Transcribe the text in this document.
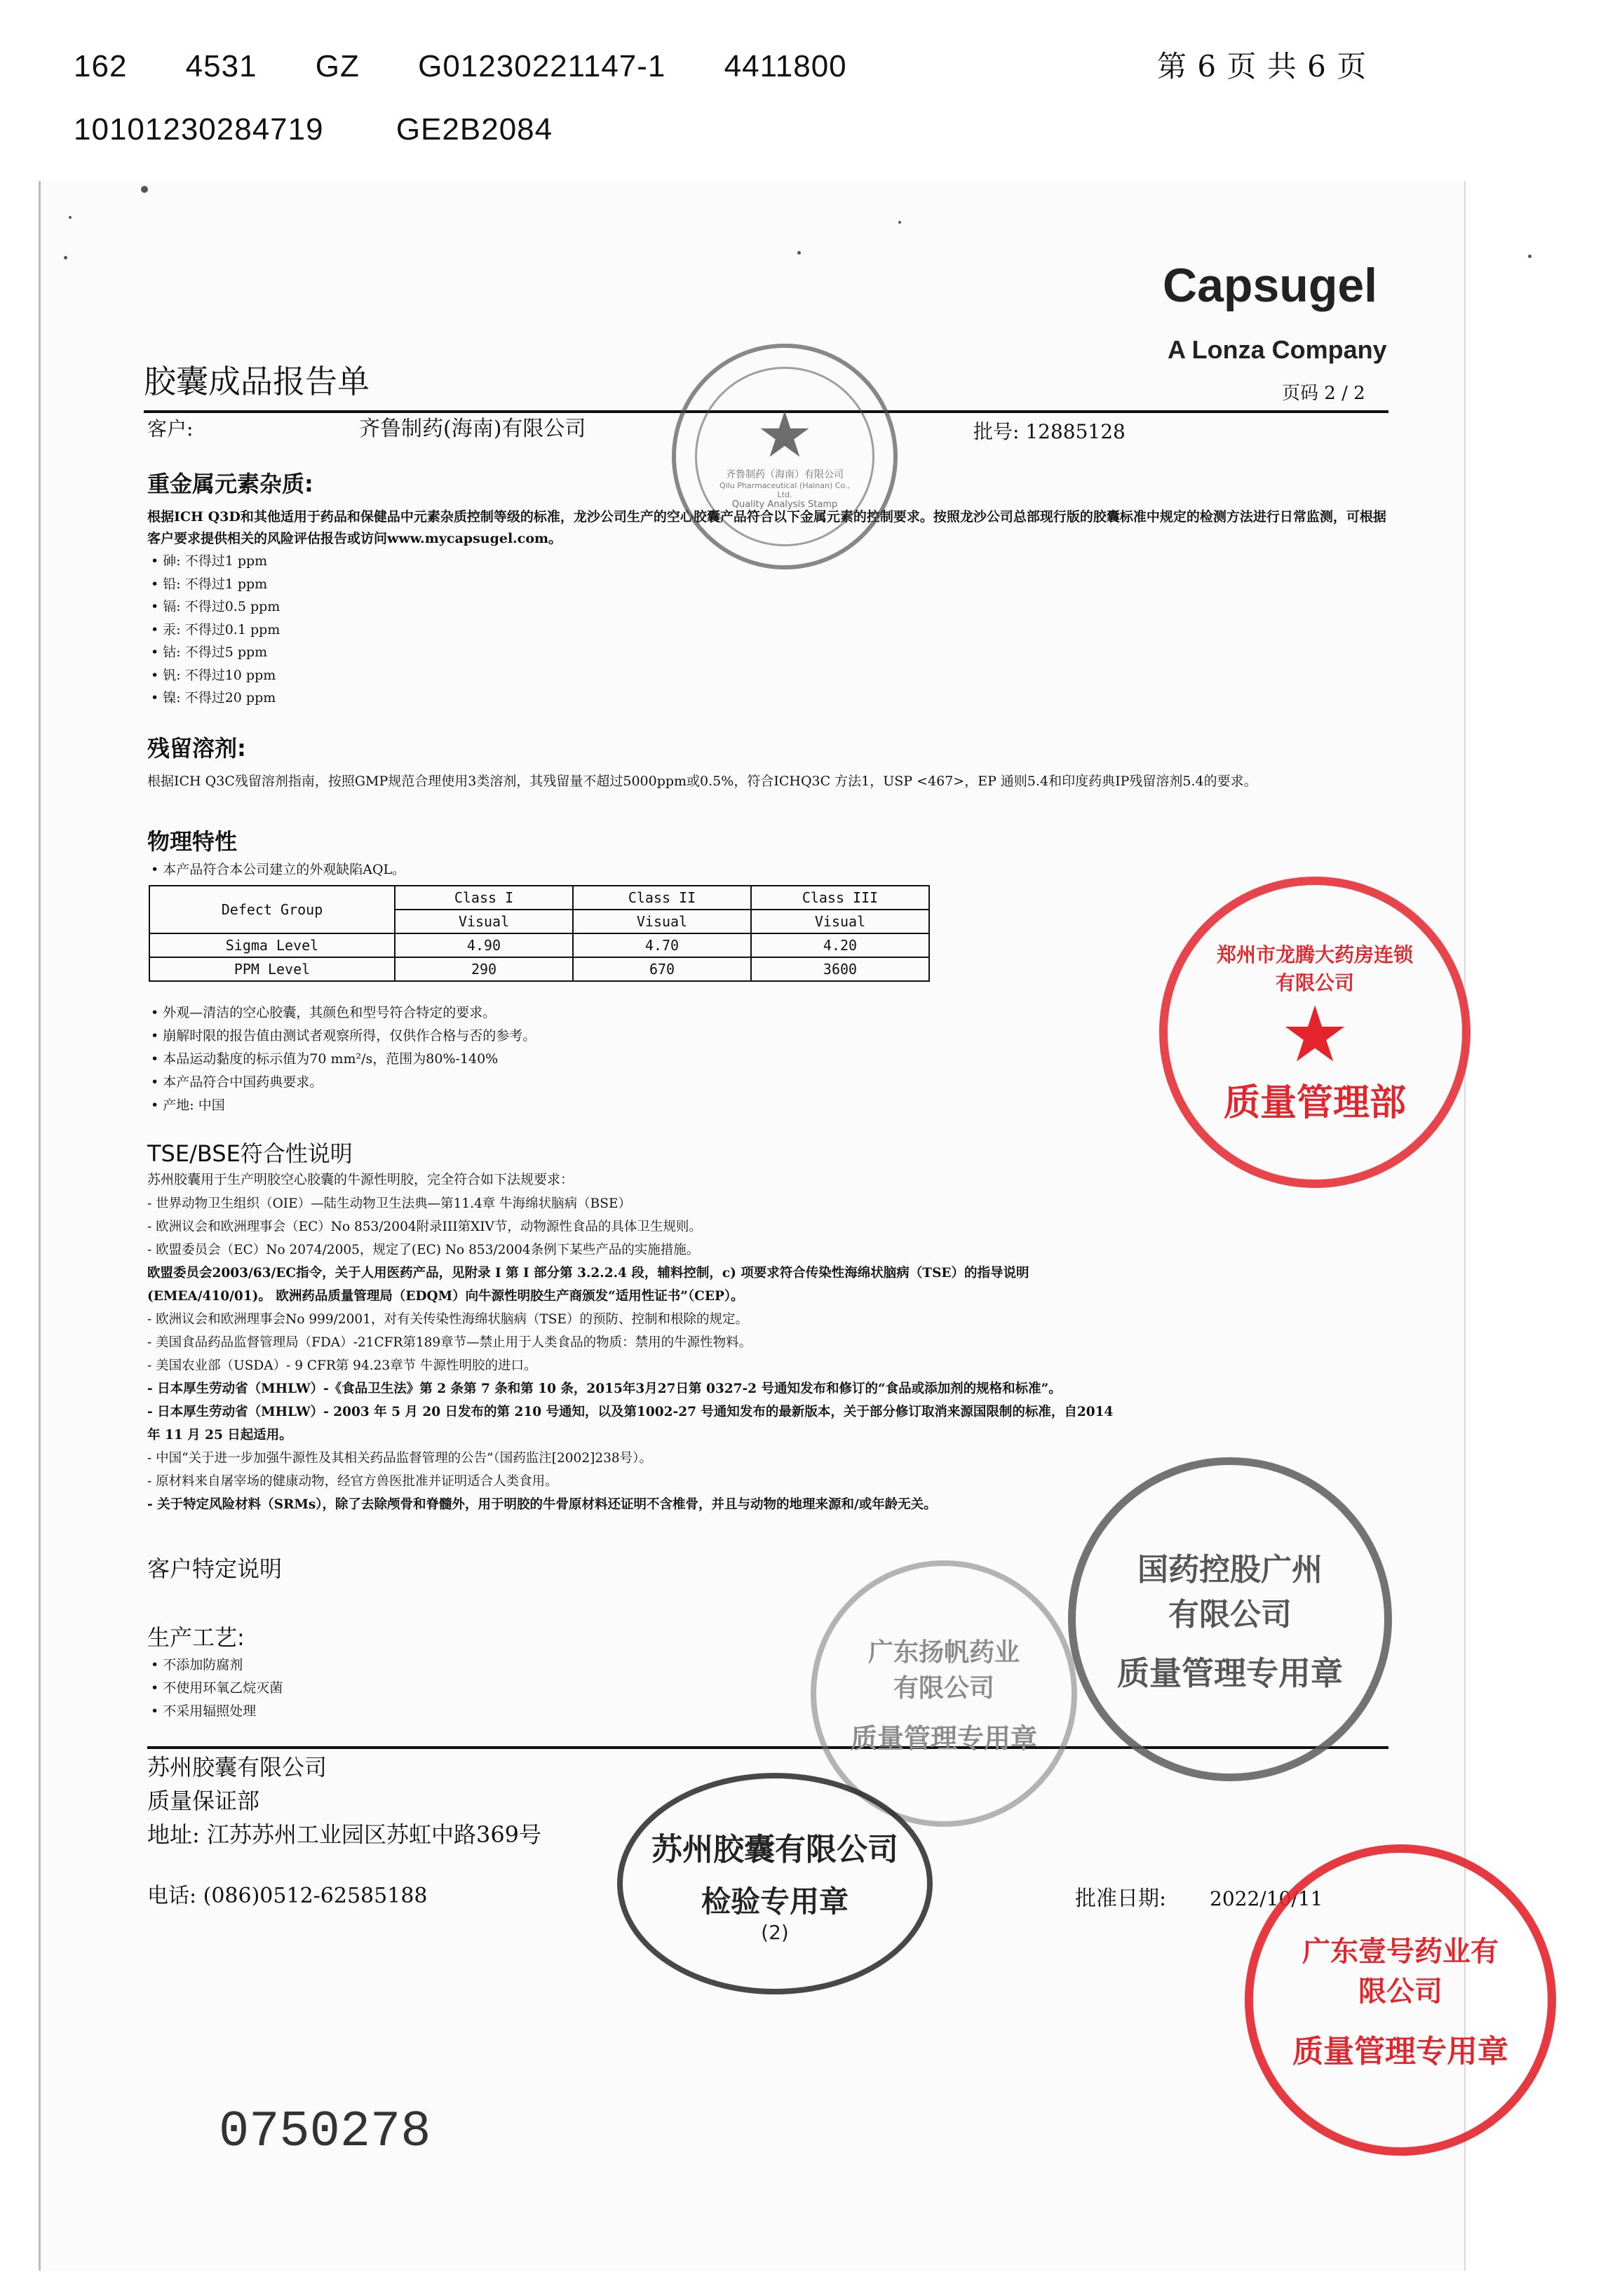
162 4531 GZ G01230221147-1 4411800
10101230284719 GE2B2084
第 6 页 共 6 页
Capsugel
A Lonza Company
胶囊成品报告单	页码 2 / 2
客户:	齐鲁制药(海南)有限公司	批号: 12885128
重金属元素杂质:
根据ICH Q3D和其他适用于药品和保健品中元素杂质控制等级的标准，龙沙公司生产的空心胶囊产品符合以下金属元素的控制要求。按照龙沙公司总部现行版的胶囊标准中规定的检测方法进行日常监测，可根据客户要求提供相关的风险评估报告或访问www.mycapsugel.com。
• 砷: 不得过1 ppm
• 铅: 不得过1 ppm
• 镉: 不得过0.5 ppm
• 汞: 不得过0.1 ppm
• 钴: 不得过5 ppm
• 钒: 不得过10 ppm
• 镍: 不得过20 ppm
残留溶剂:
根据ICH Q3C残留溶剂指南，按照GMP规范合理使用3类溶剂，其残留量不超过5000ppm或0.5%，符合ICHQ3C 方法1，USP <467>，EP 通则5.4和印度药典IP残留溶剂5.4的要求。
物理特性
• 本产品符合本公司建立的外观缺陷AQL。
Defect Group	Class I	Class II	Class III
	Visual	Visual	Visual
Sigma Level	4.90	4.70	4.20
PPM Level	290	670	3600
• 外观—清洁的空心胶囊，其颜色和型号符合特定的要求。
• 崩解时限的报告值由测试者观察所得，仅供作合格与否的参考。
• 本品运动黏度的标示值为70 mm²/s，范围为80%-140%
• 本产品符合中国药典要求。
• 产地: 中国
TSE/BSE符合性说明
苏州胶囊用于生产明胶空心胶囊的牛源性明胶，完全符合如下法规要求：
- 世界动物卫生组织（OIE）—陆生动物卫生法典—第11.4章 牛海绵状脑病（BSE）
- 欧洲议会和欧洲理事会（EC）No 853/2004附录III第XIV节，动物源性食品的具体卫生规则。
- 欧盟委员会（EC）No 2074/2005，规定了(EC) No 853/2004条例下某些产品的实施措施。
欧盟委员会2003/63/EC指令，关于人用医药产品，见附录 I 第 I 部分第 3.2.2.4 段，辅料控制，c) 项要求符合传染性海绵状脑病（TSE）的指导说明
(EMEA/410/01)。 欧洲药品质量管理局（EDQM）向牛源性明胶生产商颁发“适用性证书”（CEP）。
- 欧洲议会和欧洲理事会No 999/2001，对有关传染性海绵状脑病（TSE）的预防、控制和根除的规定。
- 美国食品药品监督管理局（FDA）-21CFR第189章节—禁止用于人类食品的物质：禁用的牛源性物料。
- 美国农业部（USDA）- 9 CFR第 94.23章节 牛源性明胶的进口。
- 日本厚生劳动省（MHLW）-《食品卫生法》第 2 条第 7 条和第 10 条，2015年3月27日第 0327-2 号通知发布和修订的“食品或添加剂的规格和标准”。
- 日本厚生劳动省（MHLW）- 2003 年 5 月 20 日发布的第 210 号通知，以及第1002-27 号通知发布的最新版本，关于部分修订取消来源国限制的标准，自2014
年 11 月 25 日起适用。
- 中国“关于进一步加强牛源性及其相关药品监督管理的公告”（国药监注[2002]238号）。
- 原材料来自屠宰场的健康动物，经官方兽医批准并证明适合人类食用。
- 关于特定风险材料（SRMs），除了去除颅骨和脊髓外，用于明胶的牛骨原材料还证明不含椎骨，并且与动物的地理来源和/或年龄无关。
客户特定说明
生产工艺:
• 不添加防腐剂
• 不使用环氧乙烷灭菌
• 不采用辐照处理
苏州胶囊有限公司
质量保证部
地址: 江苏苏州工业园区苏虹中路369号
电话: (086)0512-62585188	批准日期: 2022/10/11
0750278
★
齐鲁制药（海南）有限公司
Qilu Pharmaceutical (Hainan) Co., Ltd.
Quality Analysis Stamp
郑州市龙腾大药房连锁有限公司
★
质量管理部
广东扬帆药业有限公司
质量管理专用章
国药控股广州有限公司
质量管理专用章
苏州胶囊有限公司
检验专用章
(2)
广东壹号药业有限公司
质量管理专用章
